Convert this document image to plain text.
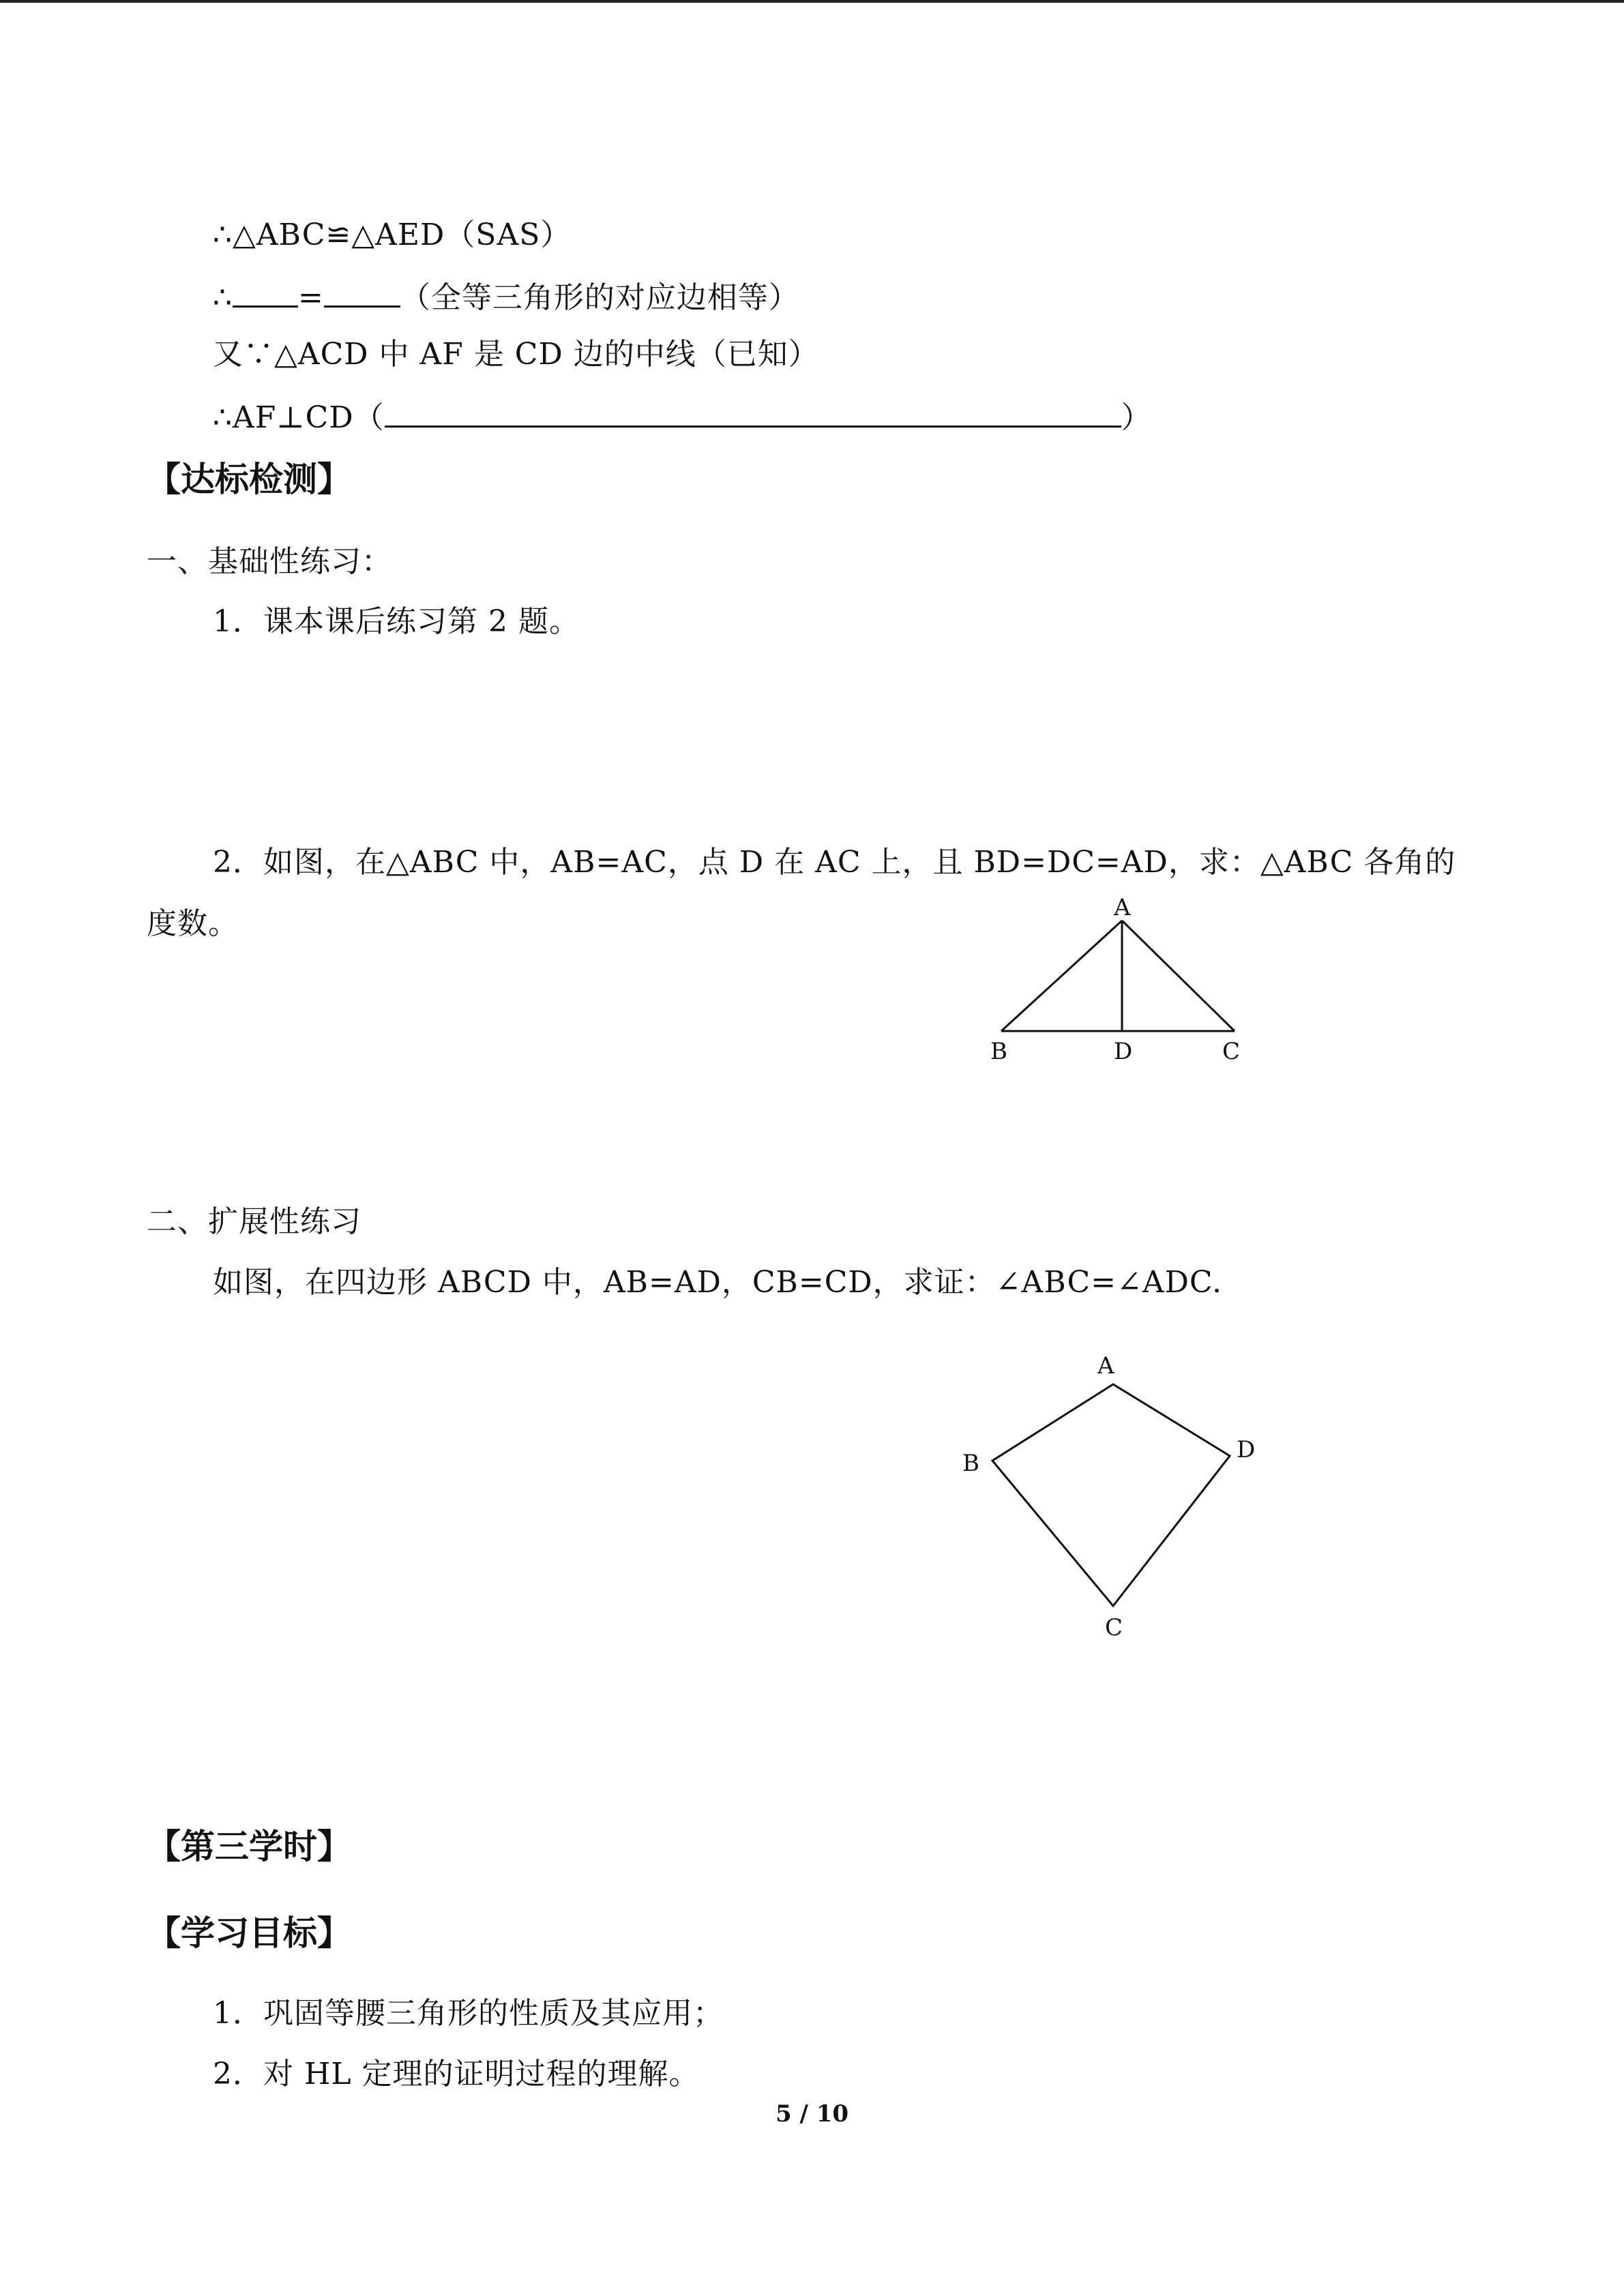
∴△ABC≌△AED（SAS）
∴ =	（全等三角形的对应边相等）
又∵△ACD 中 AF 是 CD 边的中线（已知）
∴AF⊥CD（	）
【达标检测】
一、基础性练习：
1．课本课后练习第 2 题。
2．如图，在△ABC 中，AB=AC，点 D 在 AC 上，且 BD=DC=AD，求：△ABC 各角的
度数。	A
B	D	C
二、扩展性练习
如图，在四边形 ABCD 中，AB=AD，CB=CD，求证：∠ABC=∠ADC.
A
B	D
C
【第三学时】
【学习目标】
1．巩固等腰三角形的性质及其应用；
2．对 HL 定理的证明过程的理解。
5 / 10
